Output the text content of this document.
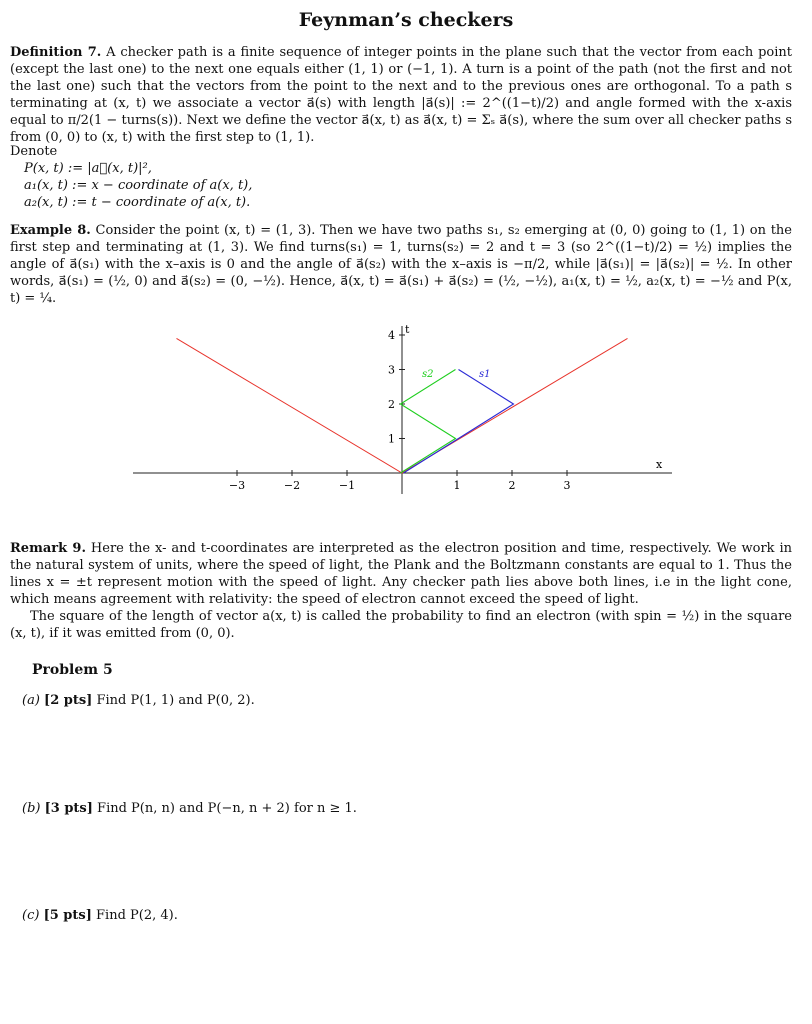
Feynman’s checkers
Definition 7. A checker path is a finite sequence of integer points in the plane such that the vector from each point (except the last one) to the next one equals either (1, 1) or (−1, 1). A turn is a point of the path (not the first and not the last one) such that the vectors from the point to the next and to the previous ones are orthogonal. To a path s terminating at (x, t) we associate a vector a⃗(s) with length |a⃗(s)| := 2^((1−t)/2) and angle formed with the x-axis equal to π/2(1 − turns(s)). Next we define the vector a⃗(x, t) as a⃗(x, t) = Σₛ a⃗(s), where the sum over all checker paths s from (0, 0) to (x, t) with the first step to (1, 1).
Denote
P(x, t) := |a⃗(x, t)|²,
a₁(x, t) := x − coordinate of a(x, t),
a₂(x, t) := t − coordinate of a(x, t).
Example 8. Consider the point (x, t) = (1, 3). Then we have two paths s₁, s₂ emerging at (0, 0) going to (1, 1) on the first step and terminating at (1, 3). We find turns(s₁) = 1, turns(s₂) = 2 and t = 3 (so 2^((1−t)/2) = ½) implies the angle of a⃗(s₁) with the x–axis is 0 and the angle of a⃗(s₂) with the x–axis is −π/2, while |a⃗(s₁)| = |a⃗(s₂)| = ½. In other words, a⃗(s₁) = (½, 0) and a⃗(s₂) = (0, −½). Hence, a⃗(x, t) = a⃗(s₁) + a⃗(s₂) = (½, −½), a₁(x, t) = ½, a₂(x, t) = −½ and P(x, t) = ¼.
x
t
−3	−2	−1	1	2	3
1
2
3
4
s2	s1
Remark 9. Here the x- and t-coordinates are interpreted as the electron position and time, respectively. We work in the natural system of units, where the speed of light, the Plank and the Boltzmann constants are equal to 1. Thus the lines x = ±t represent motion with the speed of light. Any checker path lies above both lines, i.e in the light cone, which means agreement with relativity: the speed of electron cannot exceed the speed of light.
The square of the length of vector a(x, t) is called the probability to find an electron (with spin = ½) in the square (x, t), if it was emitted from (0, 0).
Problem 5
(a) [2 pts] Find P(1, 1) and P(0, 2).
(b) [3 pts] Find P(n, n) and P(−n, n + 2) for n ≥ 1.
(c) [5 pts] Find P(2, 4).
